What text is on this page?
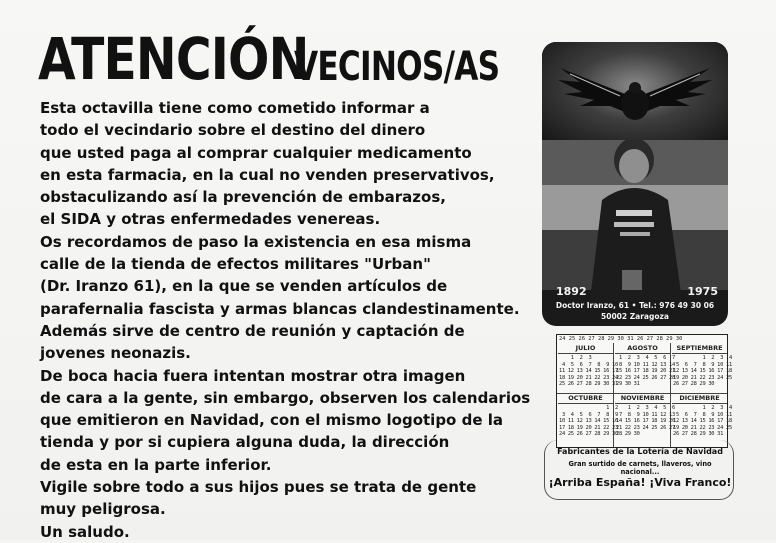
ATENCIÓN
VECINOS/AS
Esta octavilla tiene como cometido informar a
todo el vecindario sobre el destino del dinero
que usted paga al comprar cualquier medicamento
en esta farmacia, en la cual no venden preservativos,
obstaculizando así la prevención de embarazos,
el SIDA y otras enfermedades venereas.
Os recordamos de paso la existencia en esa misma
calle de la tienda de efectos militares "Urban"
(Dr. Iranzo 61), en la que se venden artículos de
parafernalia fascista y armas blancas clandestinamente.
Además sirve de centro de reunión y captación de
jovenes neonazis.
De boca hacia fuera intentan mostrar otra imagen
de cara a la gente, sin embargo, observen los calendarios
que emitieron en Navidad, con el mismo logotipo de la
tienda y por si cupiera alguna duda, la dirección
de esta en la parte inferior.
Vigile sobre todo a sus hijos pues se trata de gente
muy peligrosa.
Un saludo.
1892	1975
Doctor Iranzo, 61 • Tel.: 976 49 30 06
50002 Zaragoza
24 25 26 27 28 29 30 31 26 27 28 29 30
JULIO
1  2  3
4  5  6  7  8  9 10
11 12 13 14 15 16 17
18 19 20 21 22 23 24
25 26 27 28 29 30 31
AGOSTO
1  2  3  4  5  6  7
8  9 10 11 12 13 14
15 16 17 18 19 20 21
22 23 24 25 26 27 28
29 30 31
SEPTIEMBRE
1  2  3
5  6  7  8  9 10
12 13 14 15 16 17
19 20 21 22 23 24
26 27 28 29 30
OCTUBRE
1  2
3  4  5  6  7  8  9
10 11 12 13 14 15 16
17 18 19 20 21 22 23
24 25 26 27 28 29 30
NOVIEMBRE
1  2  3  4  5  6
7  8  9 10 11 12 13
14 15 16 17 18 19 20
21 22 23 24 25 26 27
28 29 30
DICIEMBRE
1  2  3
5  6  7  8  9 10
12 13 14 15 16 17
19 20 21 22 23 24
26 27 28 29 30 31
Fabricantes de la Lotería de Navidad
Gran surtido de carnets, llaveros, vino nacional...
¡Arriba España! ¡Viva Franco!
